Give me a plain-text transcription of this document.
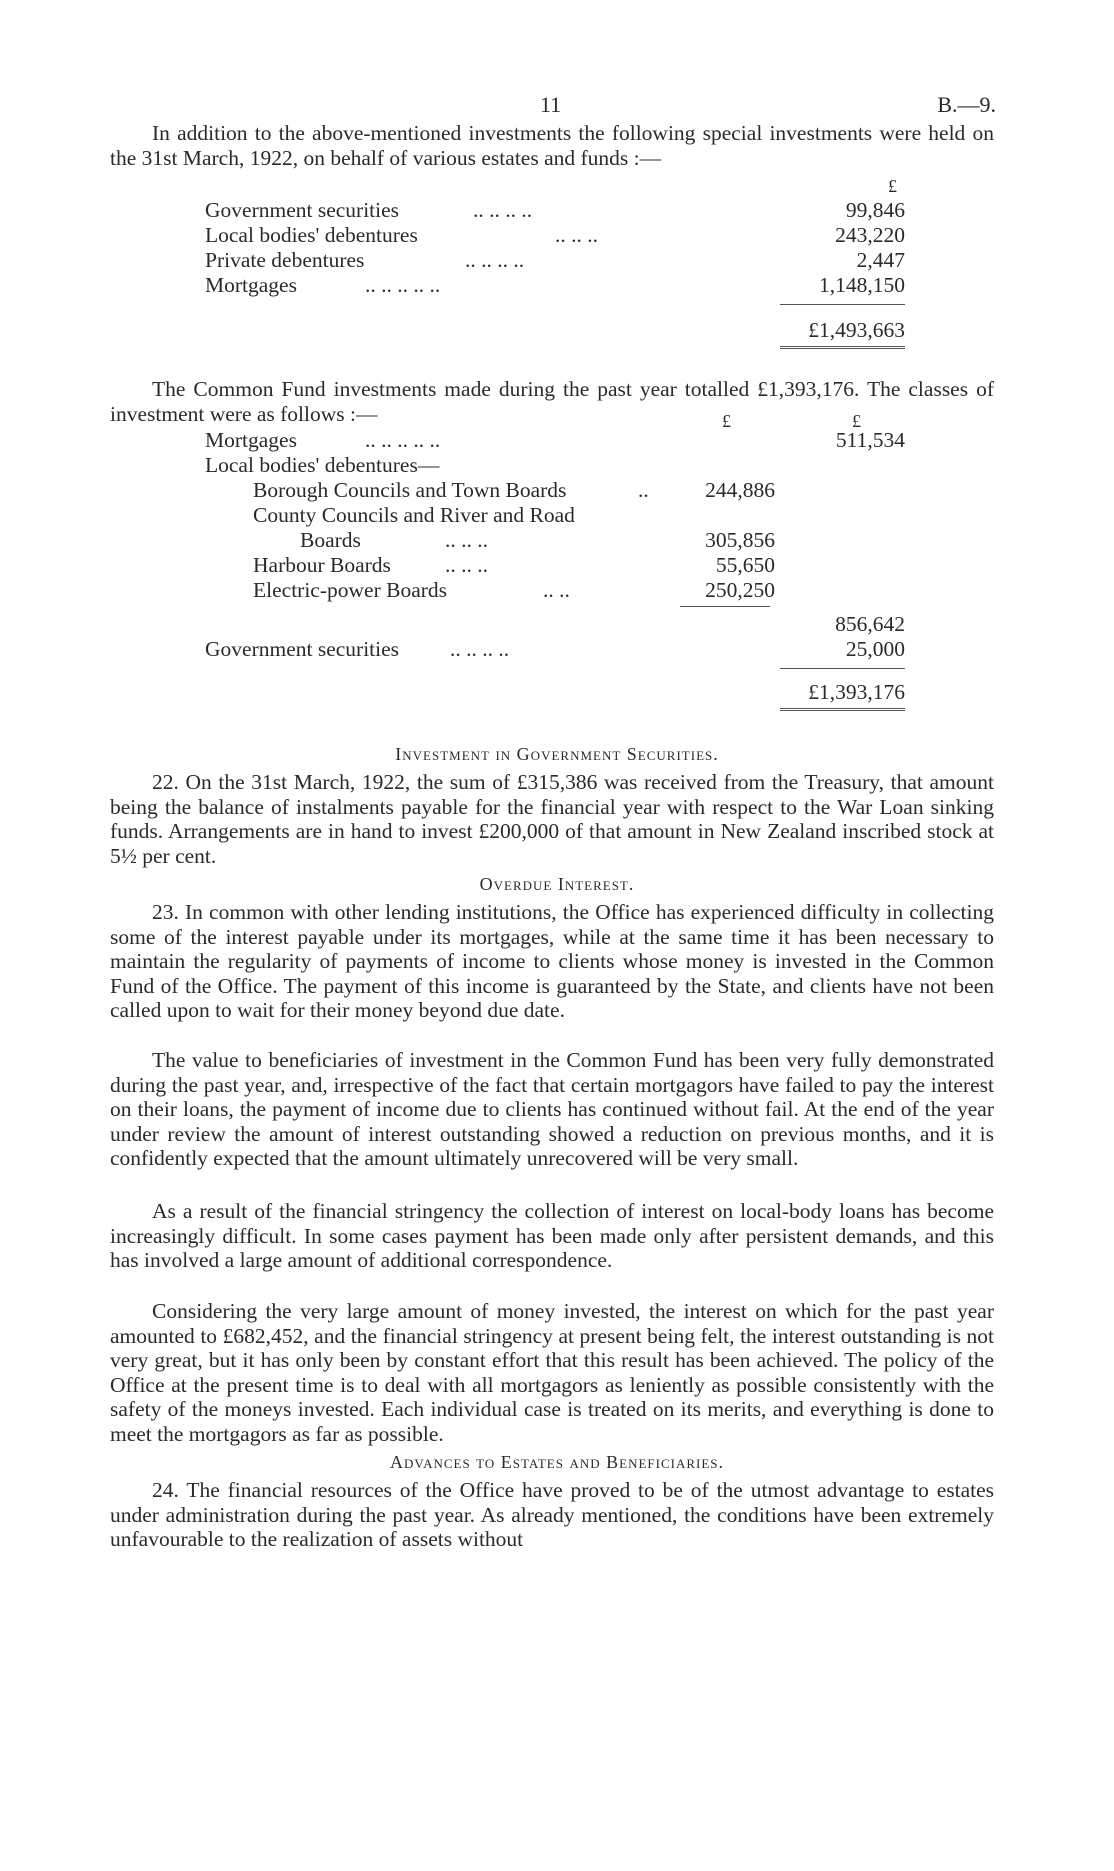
11	B.—9.
In addition to the above-mentioned investments the following special investments were held on the 31st March, 1922, on behalf of various estates and funds :—
£
Government securities	.. .. .. ..	99,846
Local bodies' debentures	.. .. ..	243,220
Private debentures	.. .. .. ..	2,447
Mortgages	.. .. .. .. ..	1,148,150
£1,493,663
The Common Fund investments made during the past year totalled £1,393,176. The classes of investment were as follows :—	£	£
Mortgages	.. .. .. .. ..	511,534
Local bodies' debentures—
Borough Councils and Town Boards	..	244,886
County Councils and River and Road
Boards	.. .. ..	305,856
Harbour Boards	.. .. ..	55,650
Electric-power Boards	.. ..	250,250
856,642
Government securities .. .. .. ..	25,000
£1,393,176
Investment in Government Securities.
22. On the 31st March, 1922, the sum of £315,386 was received from the Treasury, that amount being the balance of instalments payable for the financial year with respect to the War Loan sinking funds. Arrangements are in hand to invest £200,000 of that amount in New Zealand inscribed stock at 5½ per cent.
Overdue Interest.
23. In common with other lending institutions, the Office has experienced difficulty in collecting some of the interest payable under its mortgages, while at the same time it has been necessary to maintain the regularity of payments of income to clients whose money is invested in the Common Fund of the Office. The payment of this income is guaranteed by the State, and clients have not been called upon to wait for their money beyond due date.
The value to beneficiaries of investment in the Common Fund has been very fully demonstrated during the past year, and, irrespective of the fact that certain mortgagors have failed to pay the interest on their loans, the payment of income due to clients has continued without fail. At the end of the year under review the amount of interest outstanding showed a reduction on previous months, and it is confidently expected that the amount ultimately unrecovered will be very small.
As a result of the financial stringency the collection of interest on local-body loans has become increasingly difficult. In some cases payment has been made only after persistent demands, and this has involved a large amount of additional correspondence.
Considering the very large amount of money invested, the interest on which for the past year amounted to £682,452, and the financial stringency at present being felt, the interest outstanding is not very great, but it has only been by constant effort that this result has been achieved. The policy of the Office at the present time is to deal with all mortgagors as leniently as possible consistently with the safety of the moneys invested. Each individual case is treated on its merits, and everything is done to meet the mortgagors as far as possible.
Advances to Estates and Beneficiaries.
24. The financial resources of the Office have proved to be of the utmost advantage to estates under administration during the past year. As already mentioned, the conditions have been extremely unfavourable to the realization of assets without
